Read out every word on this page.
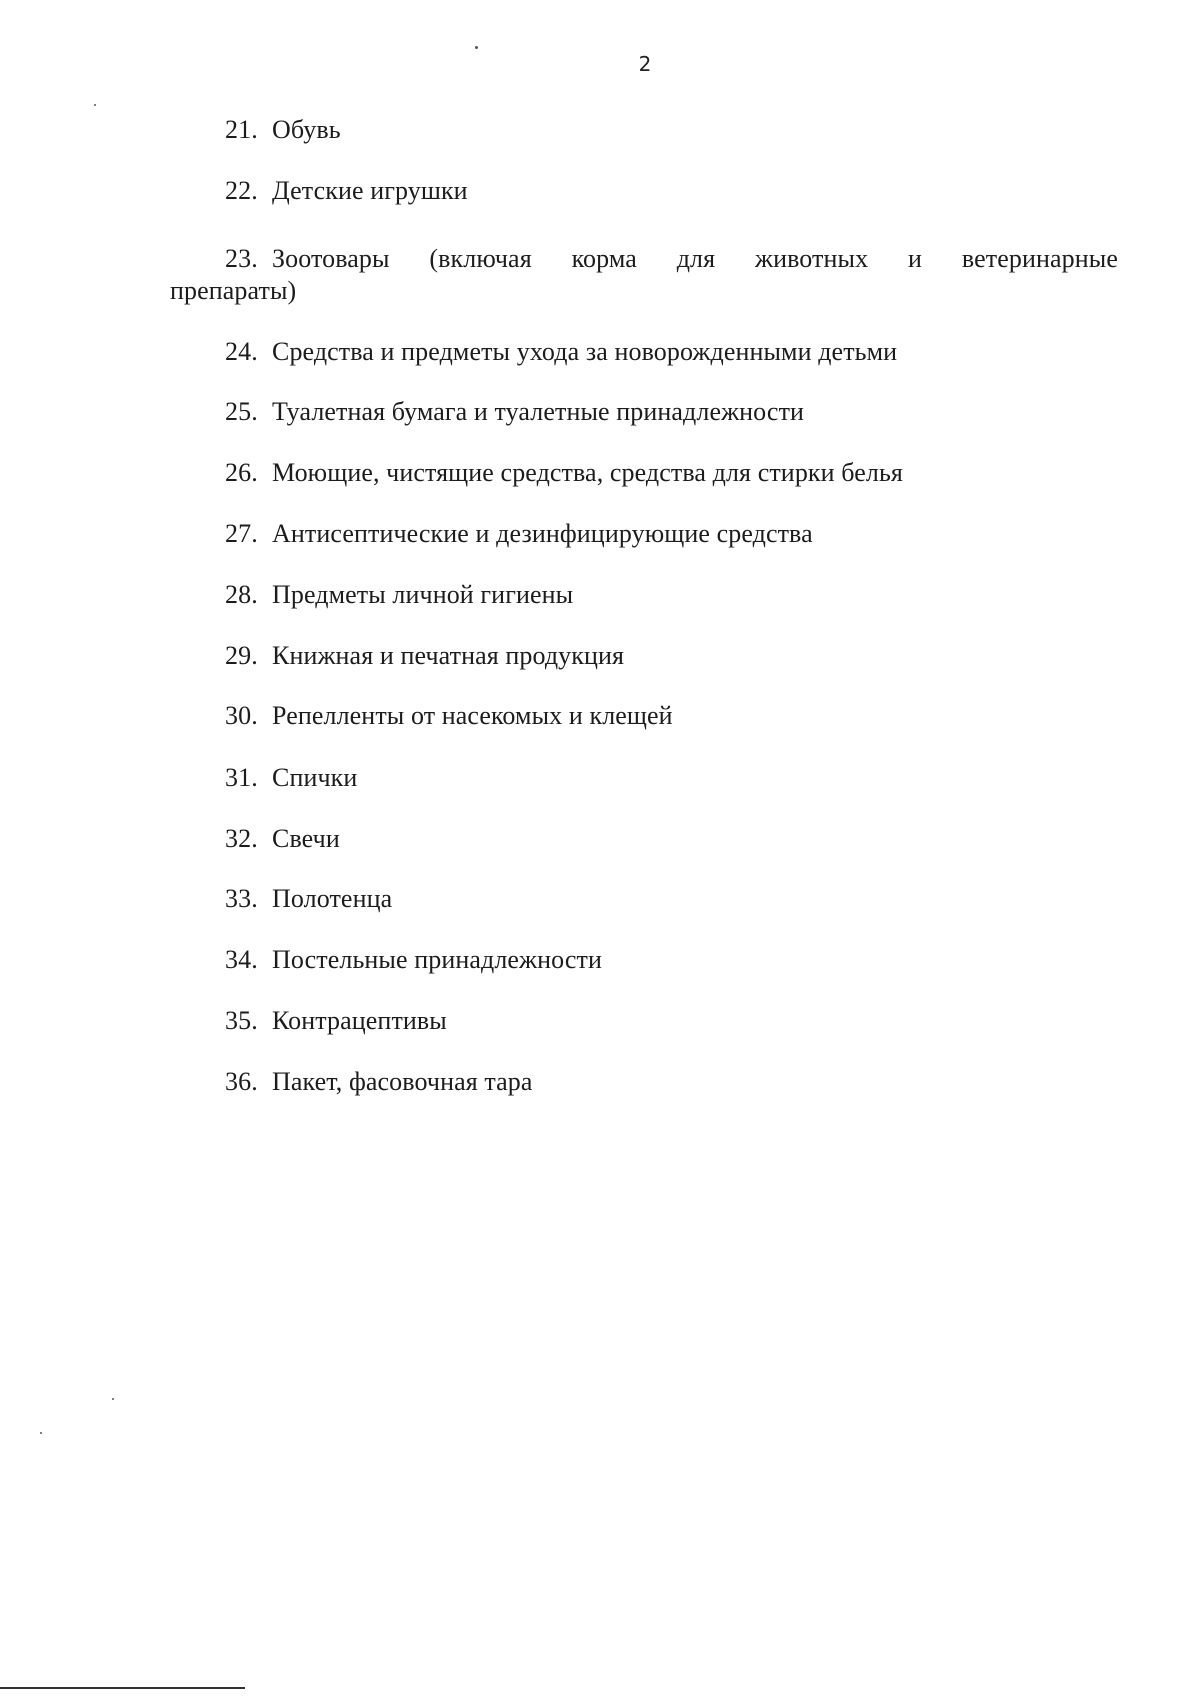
2
21. Обувь
22. Детские игрушки
23. Зоотовары (включая корма для животных и ветеринарные
препараты)
24. Средства и предметы ухода за новорожденными детьми
25. Туалетная бумага и туалетные принадлежности
26. Моющие, чистящие средства, средства для стирки белья
27. Антисептические и дезинфицирующие средства
28. Предметы личной гигиены
29. Книжная и печатная продукция
30. Репелленты от насекомых и клещей
31. Спички
32. Свечи
33. Полотенца
34. Постельные принадлежности
35. Контрацептивы
36. Пакет, фасовочная тара
